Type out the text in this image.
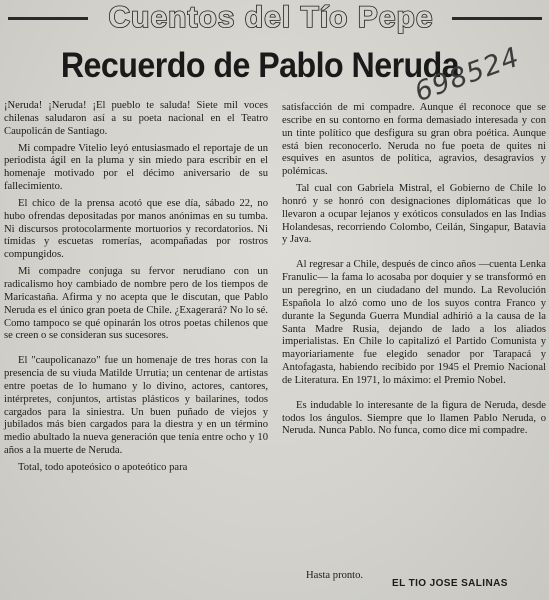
Cuentos del Tío Pepe
Recuerdo de Pablo Neruda
698524

¡Neruda! ¡Neruda! ¡El pueblo te saluda! Siete mil voces chilenas saludaron así a su poeta nacional en el Teatro Caupolicán de Santiago.

Mi compadre Vitelio leyó entusiasmado el reportaje de un periodista ágil en la pluma y sin miedo para escribir en el homenaje motivado por el décimo aniversario de su fallecimiento.

El chico de la prensa acotó que ese día, sábado 22, no hubo ofrendas depositadas por manos anónimas en su tumba. Ni discursos protocolarmente mortuorios y recordatorios. Ni tímidas y escuetas romerías, acompañadas por rostros compungidos.

Mi compadre conjuga su fervor nerudiano con un radicalismo hoy cambiado de nombre pero de los tiempos de Maricastaña. Afirma y no acepta que le discutan, que Pablo Neruda es el único gran poeta de Chile. ¿Exagerará? No lo sé. Como tampoco se qué opinarán los otros poetas chilenos que se creen o se consideran sus sucesores.

El "caupolicanazo" fue un homenaje de tres horas con la presencia de su viuda Matilde Urrutia; un centenar de artistas entre poetas de lo humano y lo divino, actores, cantores, intérpretes, conjuntos, artistas plásticos y bailarines, todos cargados para la siniestra. Un buen puñado de viejos y jubilados más bien cargados para la diestra y en un término medio abultado la nueva generación que tenía entre ocho y 10 años a la muerte de Neruda.

Total, todo apoteósico o apoteótico para

satisfacción de mi compadre. Aunque él reconoce que se escribe en su contorno en forma demasiado interesada y con un tinte político que desfigura su gran obra poética. Aunque está bien reconocerlo. Neruda no fue poeta de quites ni esquives en asuntos de política, agravios, desagravios y polémicas.

Tal cual con Gabriela Mistral, el Gobierno de Chile lo honró y se honró con designaciones diplomáticas que lo llevaron a ocupar lejanos y exóticos consulados en las Indias Holandesas, recorriendo Colombo, Ceilán, Singapur, Batavia y Java.

Al regresar a Chile, después de cinco años —cuenta Lenka Franulic— la fama lo acosaba por doquier y se transformó en un peregrino, en un ciudadano del mundo. La Revolución Española lo alzó como uno de los suyos contra Franco y durante la Segunda Guerra Mundial adhirió a la causa de la Santa Madre Rusia, dejando de lado a los aliados imperialistas. En Chile lo capitalizó el Partido Comunista y mayoriariamente fue elegido senador por Tarapacá y Antofagasta, habiendo recibido por 1945 el Premio Nacional de Literatura. En 1971, lo máximo: el Premio Nobel.

Es indudable lo interesante de la figura de Neruda, desde todos los ángulos. Siempre que lo llamen Pablo Neruda, o Neruda. Nunca Pablo. No funca, como dice mi compadre.

Hasta pronto.
EL TIO JOSE SALINAS
